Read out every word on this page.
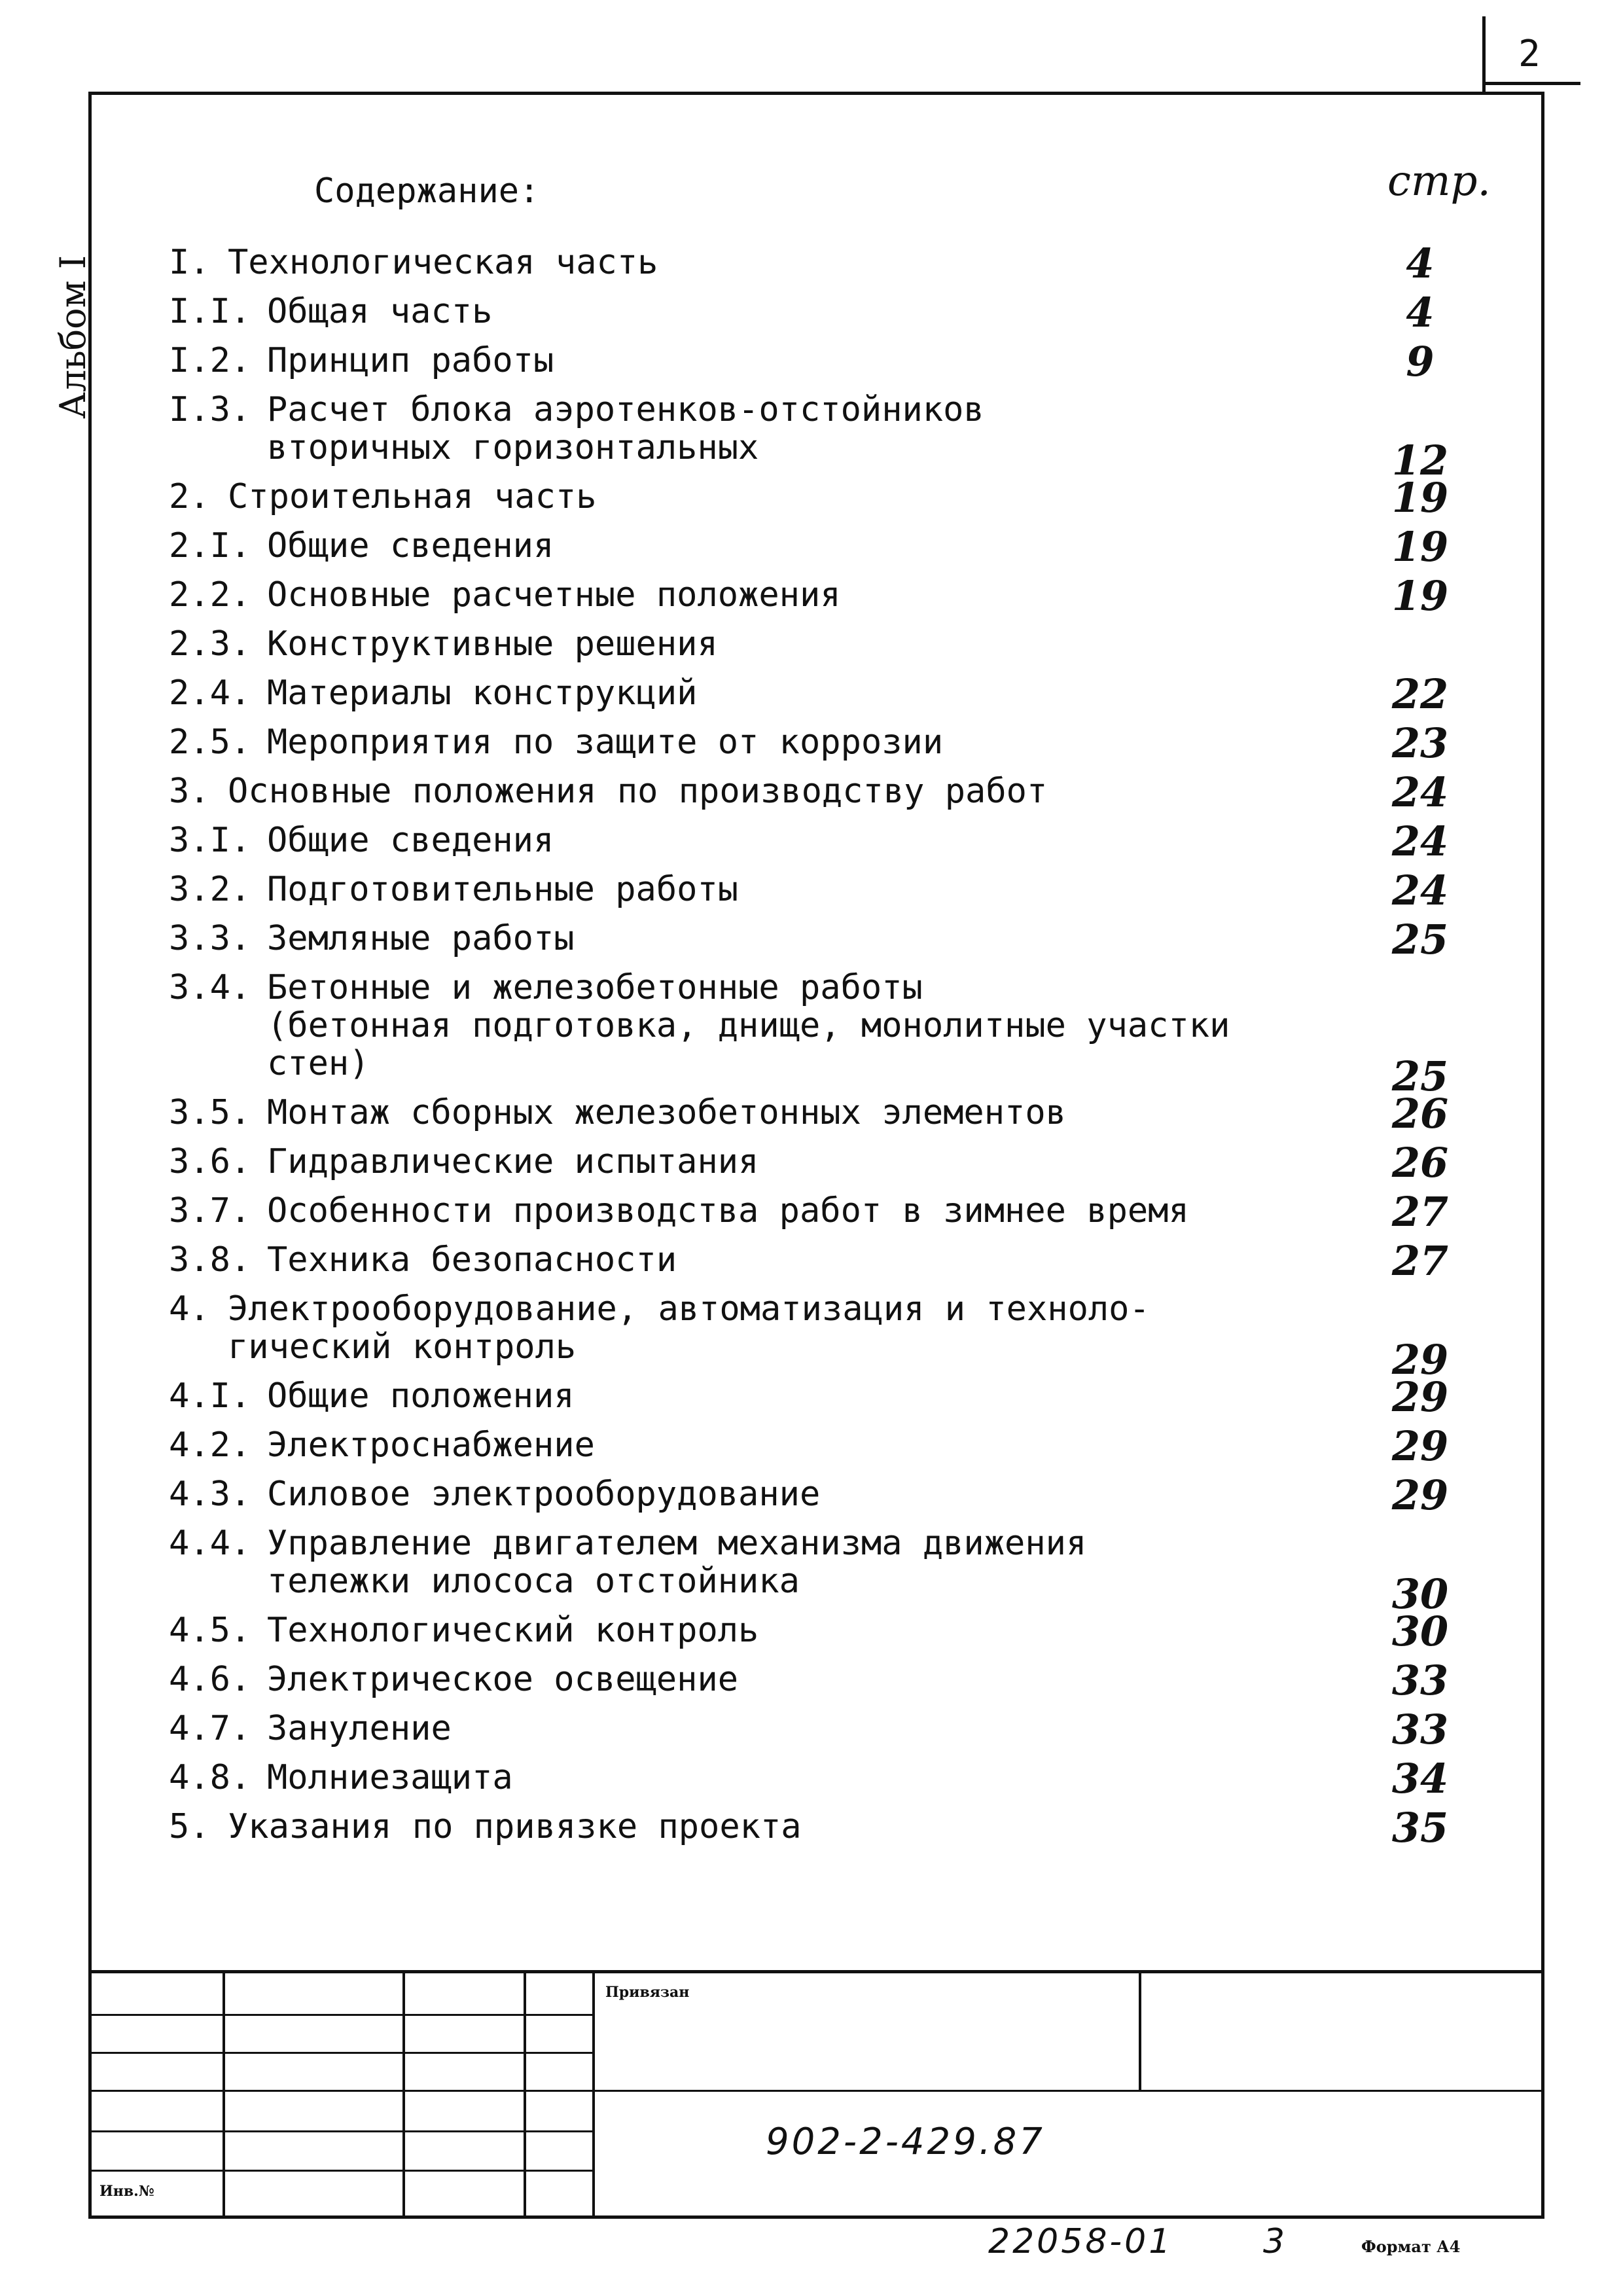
2
Альбом I
Содержание:	стр.
I. Технологическая часть	4
I.I. Общая часть	4
I.2. Принцип работы	9
I.3. Расчет блока аэротенков-отстойников
вторичных горизонтальных	12
2. Строительная часть	19
2.I. Общие сведения	19
2.2. Основные расчетные положения	19
2.3. Конструктивные решения
2.4. Материалы конструкций	22
2.5. Мероприятия по защите от коррозии	23
3. Основные положения по производству работ	24
3.I. Общие сведения	24
3.2. Подготовительные работы	24
3.3. Земляные работы	25
3.4. Бетонные и железобетонные работы
(бетонная подготовка, днище, монолитные участки
стен)	25
3.5. Монтаж сборных железобетонных элементов	26
3.6. Гидравлические испытания	26
3.7. Особенности производства работ в зимнее время	27
3.8. Техника безопасности	27
4. Электрооборудование, автоматизация и техноло-
гический контроль	29
4.I. Общие положения	29
4.2. Электроснабжение	29
4.3. Силовое электрооборудование	29
4.4. Управление двигателем механизма движения
тележки илососа отстойника	30
4.5. Технологический контроль	30
4.6. Электрическое освещение	33
4.7. Зануление	33
4.8. Молниезащита	34
5. Указания по привязке проекта	35
Привязан
Инв.№
902-2-429.87
22058-01	3	Формат А4
